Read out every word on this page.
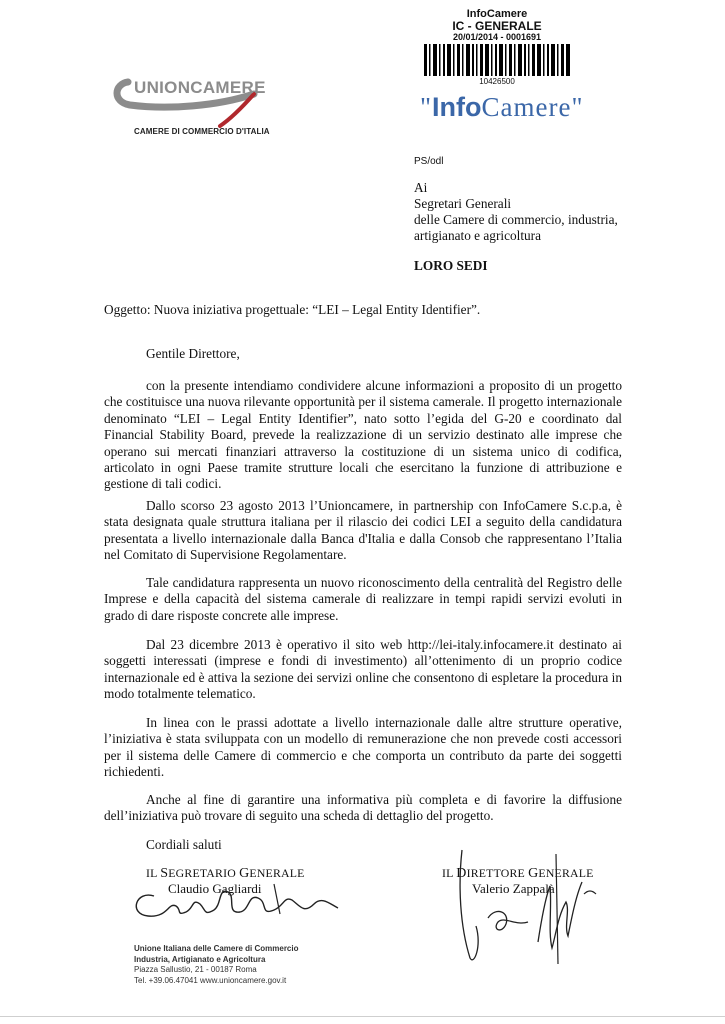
UNIONCAMERE
CAMERE DI COMMERCIO D'ITALIA
InfoCamere
IC - GENERALE
20/01/2014 - 0001691
10426500
"InfoCamere"
PS/odl
Ai
Segretari Generali
delle Camere di commercio, industria,
artigianato e agricoltura
LORO SEDI
Oggetto: Nuova iniziativa progettuale: “LEI – Legal Entity Identifier”.
Gentile Direttore,

con la presente intendiamo condividere alcune informazioni a proposito di un progetto che costituisce una nuova rilevante opportunità per il sistema camerale. Il progetto internazionale denominato “LEI – Legal Entity Identifier”, nato sotto l’egida del G-20 e coordinato dal Financial Stability Board, prevede la realizzazione di un servizio destinato alle imprese che operano sui mercati finanziari attraverso la costituzione di un sistema unico di codifica, articolato in ogni Paese tramite strutture locali che esercitano la funzione di attribuzione e gestione di tali codici.

Dallo scorso 23 agosto 2013 l’Unioncamere, in partnership con InfoCamere S.c.p.a, è stata designata quale struttura italiana per il rilascio dei codici LEI a seguito della candidatura presentata a livello internazionale dalla Banca d'Italia e dalla Consob che rappresentano l’Italia nel Comitato di Supervisione Regolamentare.

Tale candidatura rappresenta un nuovo riconoscimento della centralità del Registro delle Imprese e della capacità del sistema camerale di realizzare in tempi rapidi servizi evoluti in grado di dare risposte concrete alle imprese.

Dal 23 dicembre 2013 è operativo il sito web http://lei-italy.infocamere.it destinato ai soggetti interessati (imprese e fondi di investimento) all’ottenimento di un proprio codice internazionale ed è attiva la sezione dei servizi online che consentono di espletare la procedura in modo totalmente telematico.

In linea con le prassi adottate a livello internazionale dalle altre strutture operative, l’iniziativa è stata sviluppata con un modello di remunerazione che non prevede costi accessori per il sistema delle Camere di commercio e che comporta un contributo da parte dei soggetti richiedenti.

Anche al fine di garantire una informativa più completa e di favorire la diffusione dell’iniziativa può trovare di seguito una scheda di dettaglio del progetto.

Cordiali saluti
IL SEGRETARIO GENERALE
Claudio Gagliardi
IL DIRETTORE GENERALE
Valerio Zappalà
Unione Italiana delle Camere di Commercio
Industria, Artigianato e Agricoltura
Piazza Sallustio, 21 - 00187 Roma
Tel. +39.06.47041 www.unioncamere.gov.it
